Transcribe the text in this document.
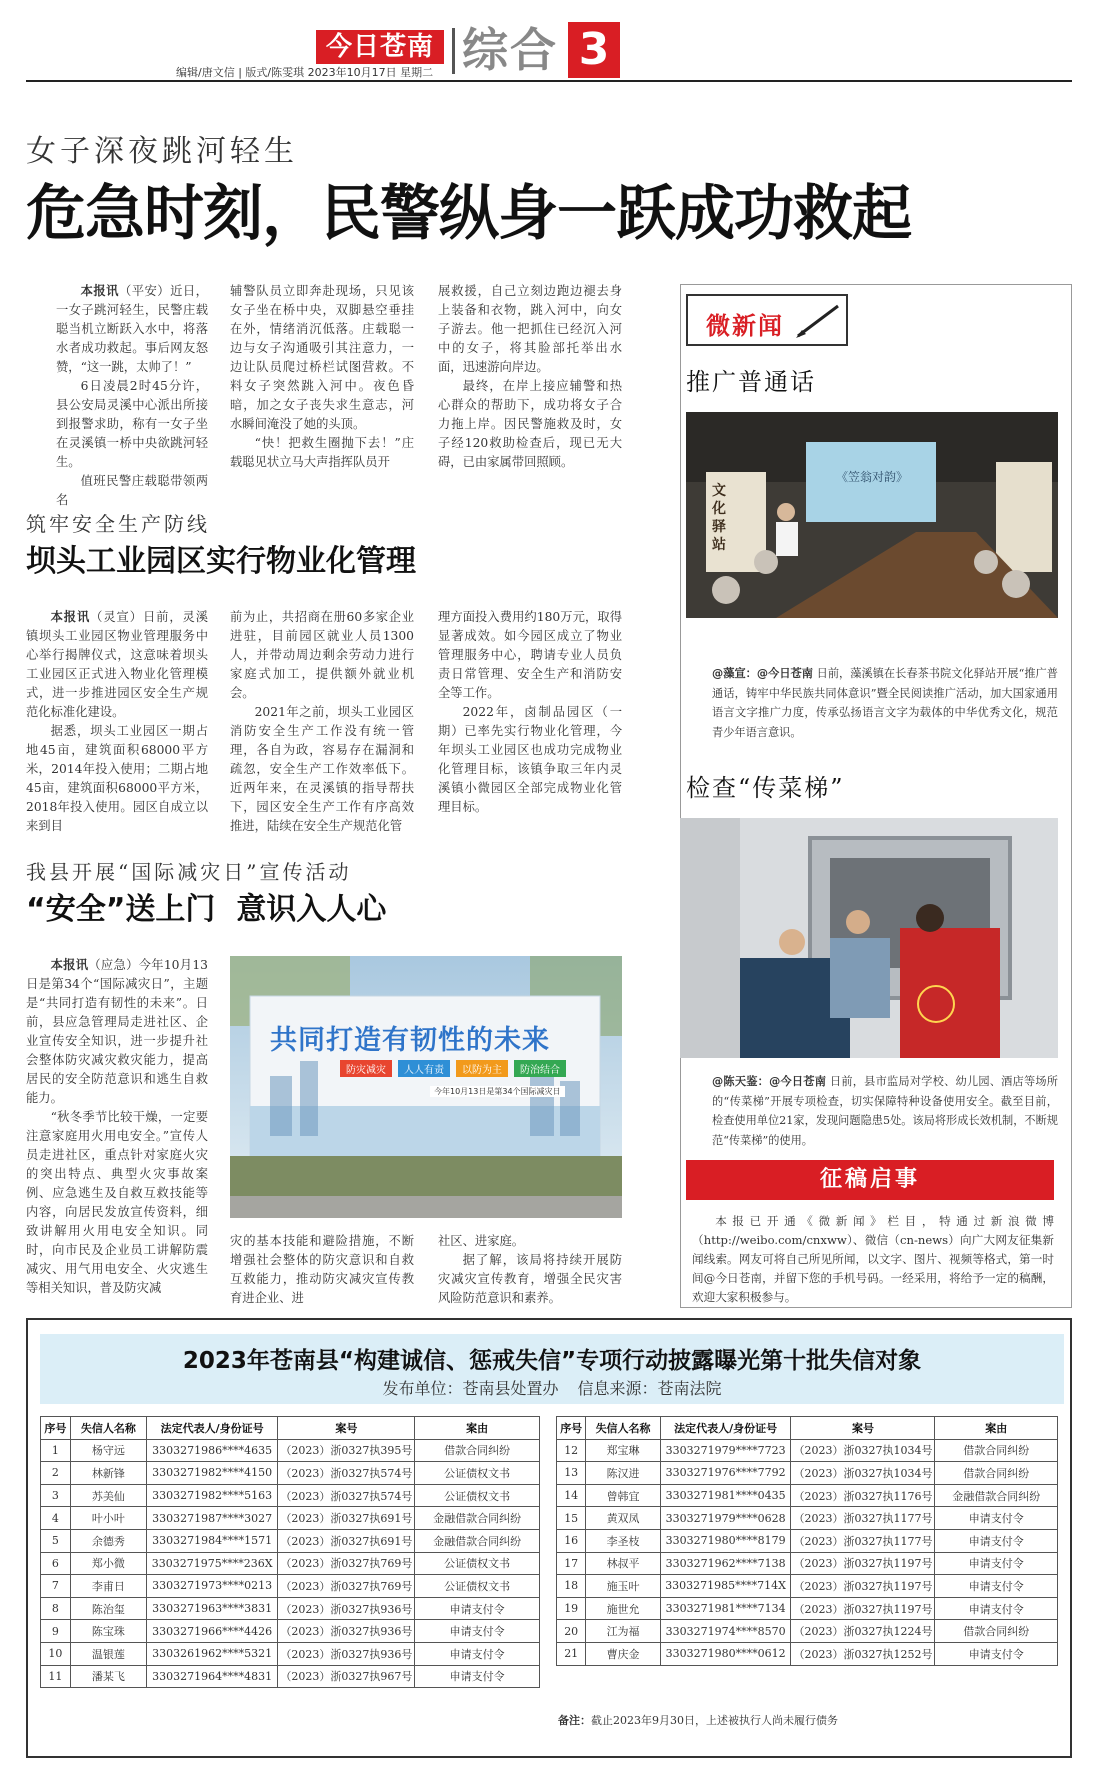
今日苍南 综合 3
编辑/唐文信 | 版式/陈雯琪 2023年10月17日 星期二
女子深夜跳河轻生
危急时刻，民警纵身一跃成功救起

本报讯（平安）近日，一女子跳河轻生，民警庄载聪当机立断跃入水中，将落水者成功救起。事后网友怒赞，“这一跳，太帅了！”

6日凌晨2时45分许，县公安局灵溪中心派出所接到报警求助，称有一女子坐在灵溪镇一桥中央欲跳河轻生。

值班民警庄载聪带领两名

辅警队员立即奔赴现场，只见该女子坐在桥中央，双脚悬空垂挂在外，情绪消沉低落。庄载聪一边与女子沟通吸引其注意力，一边让队员爬过桥栏试图营救。不料女子突然跳入河中。夜色昏暗，加之女子丧失求生意志，河水瞬间淹没了她的头顶。

“快！把救生圈抛下去！”庄载聪见状立马大声指挥队员开

展救援，自己立刻边跑边褪去身上装备和衣物，跳入河中，向女子游去。他一把抓住已经沉入河中的女子，将其脸部托举出水面，迅速游向岸边。

最终，在岸上接应辅警和热心群众的帮助下，成功将女子合力拖上岸。因民警施救及时，女子经120救助检查后，现已无大碍，已由家属带回照顾。

筑牢安全生产防线
坝头工业园区实行物业化管理

本报讯（灵宣）日前，灵溪镇坝头工业园区物业管理服务中心举行揭牌仪式，这意味着坝头工业园区正式进入物业化管理模式，进一步推进园区安全生产规范化标准化建设。

据悉，坝头工业园区一期占地45亩，建筑面积68000平方米，2014年投入使用；二期占地45亩，建筑面积68000平方米，2018年投入使用。园区自成立以来到目

前为止，共招商在册60多家企业进驻，目前园区就业人员1300人，并带动周边剩余劳动力进行家庭式加工，提供额外就业机会。

2021年之前，坝头工业园区消防安全生产工作没有统一管理，各自为政，容易存在漏洞和疏忽，安全生产工作效率低下。近两年来，在灵溪镇的指导帮扶下，园区安全生产工作有序高效推进，陆续在安全生产规范化管

理方面投入费用约180万元，取得显著成效。如今园区成立了物业管理服务中心，聘请专业人员负责日常管理、安全生产和消防安全等工作。

2022年，卤制品园区（一期）已率先实行物业化管理，今年坝头工业园区也成功完成物业化管理目标，该镇争取三年内灵溪镇小微园区全部完成物业化管理目标。

我县开展“国际减灾日”宣传活动
“安全”送上门  意识入人心

本报讯（应急）今年10月13日是第34个“国际减灾日”，主题是“共同打造有韧性的未来”。日前，县应急管理局走进社区、企业宣传安全知识，进一步提升社会整体防灾减灾救灾能力，提高居民的安全防范意识和逃生自救能力。

“秋冬季节比较干燥，一定要注意家庭用火用电安全。”宣传人员走进社区，重点针对家庭火灾的突出特点、典型火灾事故案例、应急逃生及自救互救技能等内容，向居民发放宣传资料，细致讲解用火用电安全知识。同时，向市民及企业员工讲解防震减灾、用气用电安全、火灾逃生等相关知识，普及防灾减

共同打造有韧性的未来
防灾减灾	人人有责	以防为主	防治结合
今年10月13日是第34个国际减灾日

灾的基本技能和避险措施，不断增强社会整体的防灾意识和自救互救能力，推动防灾减灾宣传教育进企业、进

社区、进家庭。

据了解，该局将持续开展防灾减灾宣传教育，增强全民灾害风险防范意识和素养。

微新闻
推广普通话
《笠翁对韵》
文化驿站
@藻宣：@今日苍南 日前，藻溪镇在长春茶书院文化驿站开展“推广普通话，铸牢中华民族共同体意识”暨全民阅读推广活动，加大国家通用语言文字推广力度，传承弘扬语言文字为载体的中华优秀文化，规范青少年语言意识。
检查“传菜梯”
@陈天鉴：@今日苍南 日前，县市监局对学校、幼儿园、酒店等场所的“传菜梯”开展专项检查，切实保障特种设备使用安全。截至目前，检查使用单位21家，发现问题隐患5处。该局将形成长效机制，不断规范“传菜梯”的使用。
征稿启事

本报已开通《微新闻》栏目，特通过新浪微博（http://weibo.com/cnxww）、微信（cn-news）向广大网友征集新闻线索。网友可将自己所见所闻，以文字、图片、视频等格式，第一时间@今日苍南，并留下您的手机号码。一经采用，将给予一定的稿酬，欢迎大家积极参与。

2023年苍南县“构建诚信、惩戒失信”专项行动披露曝光第十批失信对象
发布单位：苍南县处置办 信息来源：苍南法院
序号	失信人名称	法定代表人/身份证号	案号	案由
1	杨守远	3303271986****4635	（2023）浙0327执395号	借款合同纠纷
2	林新锋	3303271982****4150	（2023）浙0327执574号	公证债权文书
3	苏美仙	3303271982****5163	（2023）浙0327执574号	公证债权文书
4	叶小叶	3303271987****3027	（2023）浙0327执691号	金融借款合同纠纷
5	余德秀	3303271984****1571	（2023）浙0327执691号	金融借款合同纠纷
6	郑小微	3303271975****236X	（2023）浙0327执769号	公证债权文书
7	李甫日	3303271973****0213	（2023）浙0327执769号	公证债权文书
8	陈治玺	3303271963****3831	（2023）浙0327执936号	申请支付令
9	陈宝珠	3303271966****4426	（2023）浙0327执936号	申请支付令
10	温银莲	3303261962****5321	（2023）浙0327执936号	申请支付令
11	潘某飞	3303271964****4831	（2023）浙0327执967号	申请支付令
序号	失信人名称	法定代表人/身份证号	案号	案由
12	郑宝琳	3303271979****7723	（2023）浙0327执1034号	借款合同纠纷
13	陈汉进	3303271976****7792	（2023）浙0327执1034号	借款合同纠纷
14	曾韩宜	3303271981****0435	（2023）浙0327执1176号	金融借款合同纠纷
15	黄双凤	3303271979****0628	（2023）浙0327执1177号	申请支付令
16	李圣枝	3303271980****8179	（2023）浙0327执1177号	申请支付令
17	林叔平	3303271962****7138	（2023）浙0327执1197号	申请支付令
18	施玉叶	3303271985****714X	（2023）浙0327执1197号	申请支付令
19	施世允	3303271981****7134	（2023）浙0327执1197号	申请支付令
20	江为福	3303271974****8570	（2023）浙0327执1224号	借款合同纠纷
21	曹庆金	3303271980****0612	（2023）浙0327执1252号	申请支付令
备注：截止2023年9月30日，上述被执行人尚未履行债务
